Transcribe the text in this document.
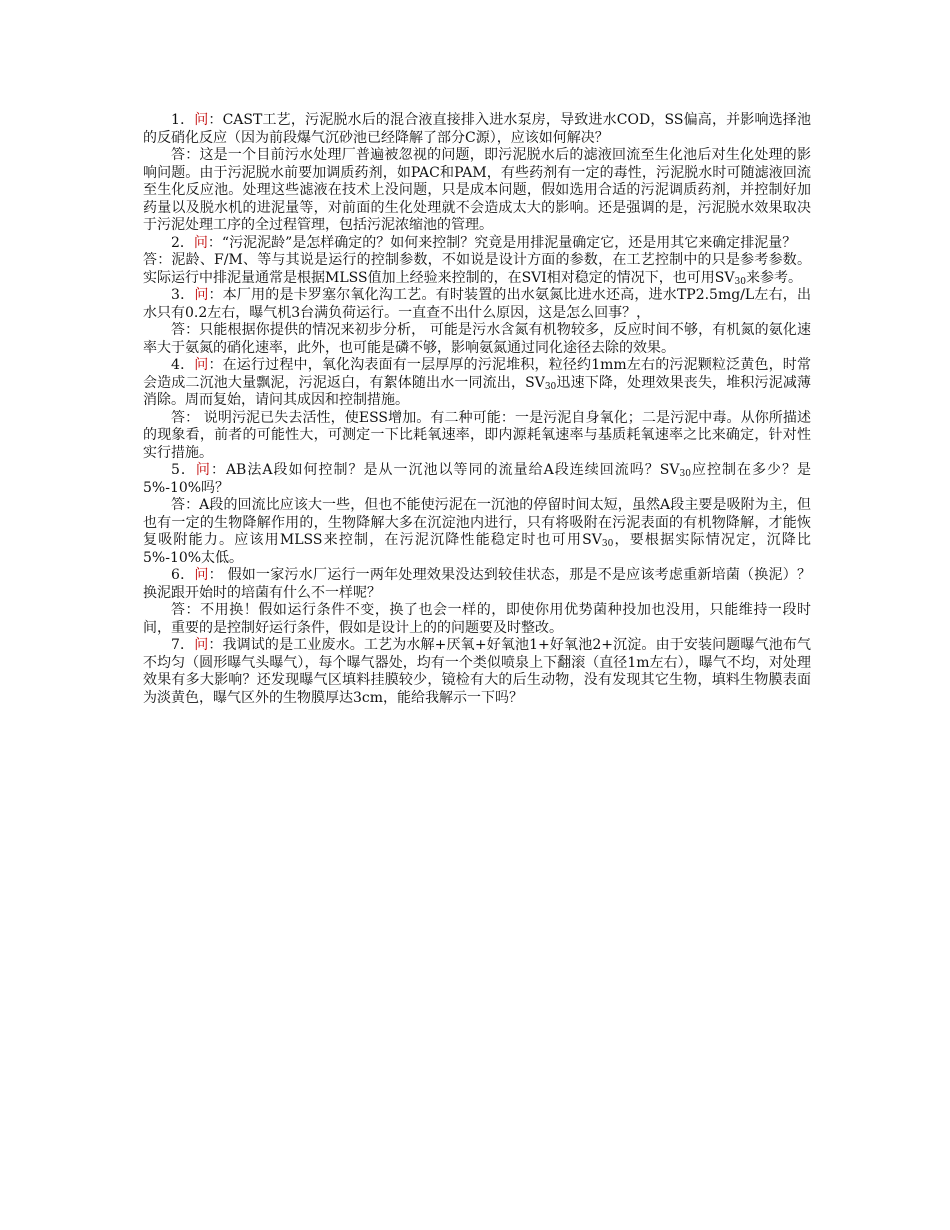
1．问：CAST工艺，污泥脱水后的混合液直接排入进水泵房，导致进水COD，SS偏高，并影响选择池的反硝化反应（因为前段爆气沉砂池已经降解了部分C源），应该如何解决？

答：这是一个目前污水处理厂普遍被忽视的问题，即污泥脱水后的滤液回流至生化池后对生化处理的影响问题。由于污泥脱水前要加调质药剂，如PAC和PAM，有些药剂有一定的毒性，污泥脱水时可随滤液回流至生化反应池。处理这些滤液在技术上没问题，只是成本问题，假如选用合适的污泥调质药剂，并控制好加药量以及脱水机的进泥量等，对前面的生化处理就不会造成太大的影响。还是强调的是，污泥脱水效果取决于污泥处理工序的全过程管理，包括污泥浓缩池的管理。

2．问：“污泥泥龄”是怎样确定的？如何来控制？究竟是用排泥量确定它，还是用其它来确定排泥量？

答：泥龄、F/M、等与其说是运行的控制参数，不如说是设计方面的参数，在工艺控制中的只是参考参数。实际运行中排泥量通常是根据MLSS值加上经验来控制的，在SVI相对稳定的情况下，也可用$SV_{30}$来参考。

3．问：本厂用的是卡罗塞尔氧化沟工艺。有时装置的出水氨氮比进水还高，进水TP2.5mg/L左右，出水只有0.2左右，曝气机3台满负荷运行。一直查不出什么原因，这是怎么回事？，

答：只能根据你提供的情况来初步分析， 可能是污水含氮有机物较多，反应时间不够，有机氮的氨化速率大于氨氮的硝化速率，此外，也可能是磷不够，影响氨氮通过同化途径去除的效果。

4．问：在运行过程中，氧化沟表面有一层厚厚的污泥堆积，粒径约1mm左右的污泥颗粒泛黄色，时常会造成二沉池大量飘泥，污泥返白，有絮体随出水一同流出，$SV_{30}$迅速下降，处理效果丧失，堆积污泥减薄消除。周而复始，请问其成因和控制措施。

答： 说明污泥已失去活性，使ESS增加。有二种可能：一是污泥自身氧化；二是污泥中毒。从你所描述的现象看，前者的可能性大，可测定一下比耗氧速率，即内源耗氧速率与基质耗氧速率之比来确定，针对性实行措施。

5．问：AB法A段如何控制？是从一沉池以等同的流量给A段连续回流吗？$SV_{30}$应控制在多少？是5%-10%吗？

答：A段的回流比应该大一些，但也不能使污泥在一沉池的停留时间太短，虽然A段主要是吸附为主，但也有一定的生物降解作用的，生物降解大多在沉淀池内进行，只有将吸附在污泥表面的有机物降解，才能恢复吸附能力。应该用MLSS来控制，在污泥沉降性能稳定时也可用$SV_{30}$，要根据实际情况定，沉降比5%-10%太低。

6．问： 假如一家污水厂运行一两年处理效果没达到较佳状态，那是不是应该考虑重新培菌（换泥）？换泥跟开始时的培菌有什么不一样呢？

答：不用换！假如运行条件不变，换了也会一样的，即使你用优势菌种投加也没用，只能维持一段时间，重要的是控制好运行条件，假如是设计上的的问题要及时整改。

7．问：我调试的是工业废水。工艺为水解+厌氧+好氧池1+好氧池2+沉淀。由于安装问题曝气池布气不均匀（圆形曝气头曝气），每个曝气器处，均有一个类似喷泉上下翻滚（直径1m左右），曝气不均，对处理效果有多大影响？还发现曝气区填料挂膜较少，镜检有大的后生动物，没有发现其它生物，填料生物膜表面为淡黄色，曝气区外的生物膜厚达3cm，能给我解示一下吗？
